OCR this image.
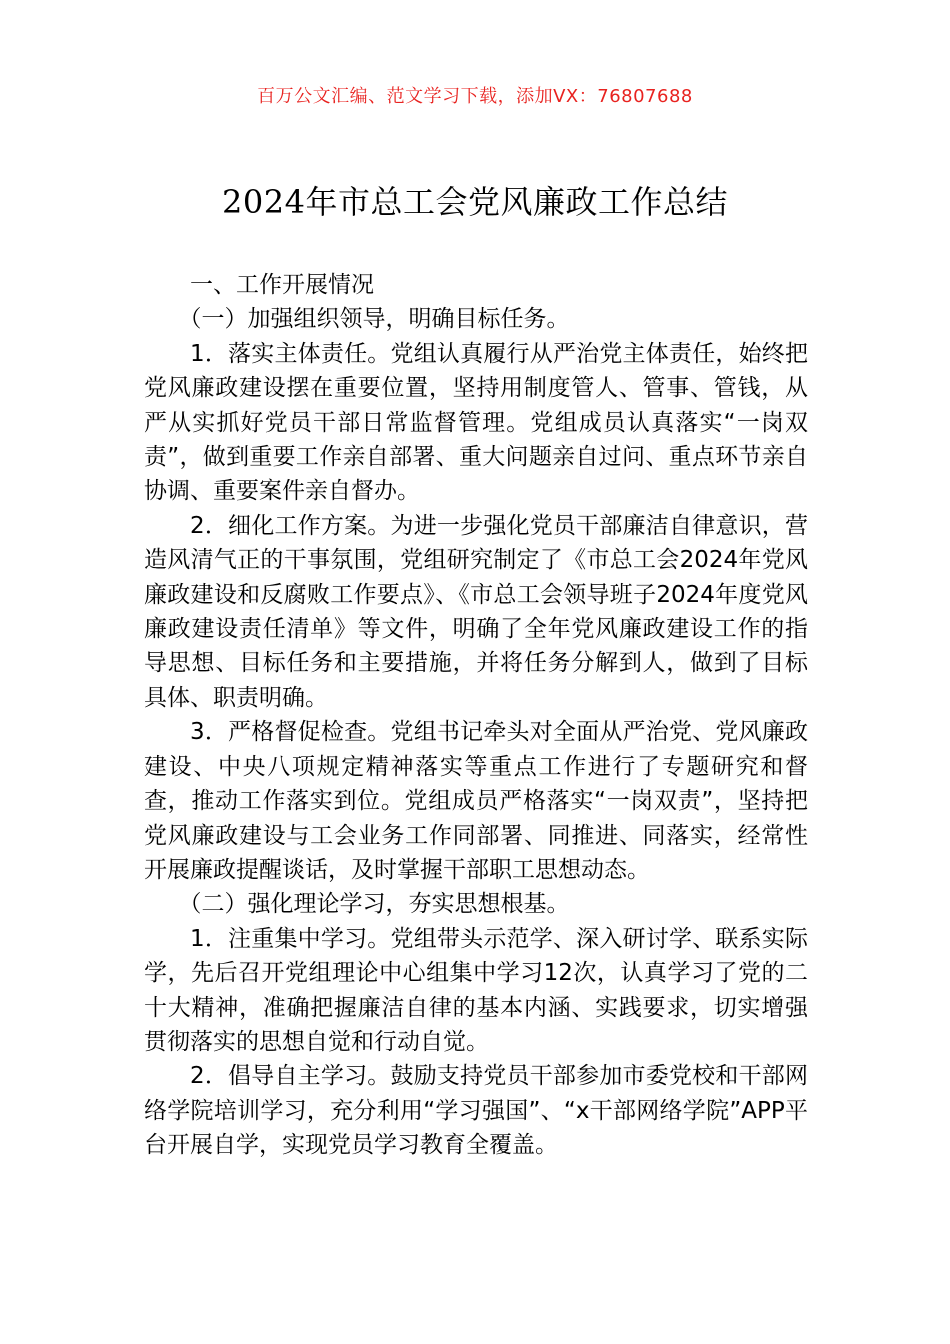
百万公文汇编、范文学习下载，添加VX：76807688
2024年市总工会党风廉政工作总结

一、工作开展情况

（一）加强组织领导，明确目标任务。

1．落实主体责任。党组认真履行从严治党主体责任，始终把党风廉政建设摆在重要位置，坚持用制度管人、管事、管钱，从严从实抓好党员干部日常监督管理。党组成员认真落实“一岗双责”，做到重要工作亲自部署、重大问题亲自过问、重点环节亲自协调、重要案件亲自督办。

2．细化工作方案。为进一步强化党员干部廉洁自律意识，营造风清气正的干事氛围，党组研究制定了《市总工会2024年党风廉政建设和反腐败工作要点》、《市总工会领导班子2024年度党风廉政建设责任清单》等文件，明确了全年党风廉政建设工作的指导思想、目标任务和主要措施，并将任务分解到人，做到了目标具体、职责明确。

3．严格督促检查。党组书记牵头对全面从严治党、党风廉政建设、中央八项规定精神落实等重点工作进行了专题研究和督查，推动工作落实到位。党组成员严格落实“一岗双责”，坚持把党风廉政建设与工会业务工作同部署、同推进、同落实，经常性开展廉政提醒谈话，及时掌握干部职工思想动态。

（二）强化理论学习，夯实思想根基。

1．注重集中学习。党组带头示范学、深入研讨学、联系实际学，先后召开党组理论中心组集中学习12次，认真学习了党的二十大精神，准确把握廉洁自律的基本内涵、实践要求，切实增强贯彻落实的思想自觉和行动自觉。

2．倡导自主学习。鼓励支持党员干部参加市委党校和干部网络学院培训学习，充分利用“学习强国”、“x干部网络学院”APP平台开展自学，实现党员学习教育全覆盖。
